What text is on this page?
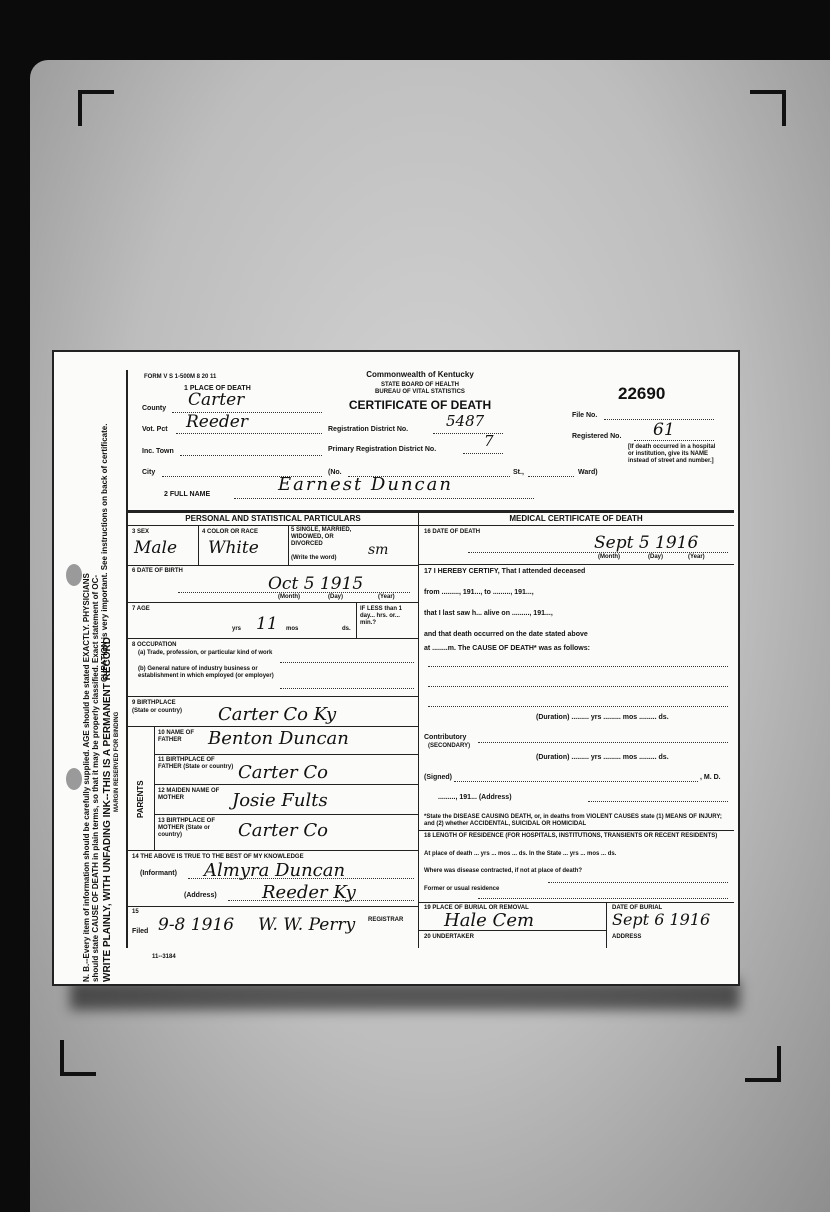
WRITE PLAINLY, WITH UNFADING INK--THIS IS A PERMANENT RECORD
N. B.--Every item of information should be carefully supplied. AGE should be stated EXACTLY. PHYSICIANS should state CAUSE OF DEATH in plain terms, so that it may be properly classified. Exact statement of OC-
CUPATION is very important. See instructions on back of certificate.
MARGIN RESERVED FOR BINDING
FORM V S 1-500M 8 20 11	Commonwealth of Kentucky
STATE BOARD OF HEALTH
BUREAU OF VITAL STATISTICS
CERTIFICATE OF DEATH
22690
1 PLACE OF DEATH
County Carter
Vot. Pct Reeder	Registration District No.	5487	File No.
Registered No. 61
Inc. Town	Primary Registration District No.	7	[If death occurred in a hospital or institution, give its NAME instead of street and number.]
City	(No.	St.,	Ward)
2 FULL NAME	Earnest Duncan
PERSONAL AND STATISTICAL PARTICULARS
3 SEX
Male
4 COLOR OR RACE
White
5 SINGLE, MARRIED, WIDOWED, OR DIVORCED
(Write the word) sm
6 DATE OF BIRTH
Oct 5 1915
(Month)	(Day)	(Year)
7 AGE
11
yrs	mos	ds.
IF LESS than 1 day... hrs. or... min.?
8 OCCUPATION
(a) Trade, profession, or particular kind of work
(b) General nature of industry business or establishment in which employed (or employer)
9 BIRTHPLACE
(State or country) Carter Co Ky
PARENTS
10 NAME OF FATHER	Benton Duncan
11 BIRTHPLACE OF FATHER (State or country) Carter Co
12 MAIDEN NAME OF MOTHER	Josie Fults
13 BIRTHPLACE OF MOTHER (State or country)	Carter Co
14 THE ABOVE IS TRUE TO THE BEST OF MY KNOWLEDGE
(Informant) Almyra Duncan
(Address)	Reeder Ky
15
Filed 9-8 1916 W. W. Perry REGISTRAR
11--3184
MEDICAL CERTIFICATE OF DEATH
16 DATE OF DEATH
Sept 5 1916
(Month)	(Day)	(Year)
17 I HEREBY CERTIFY, That I attended deceased
from ........., 191..., to ........., 191...,
that I last saw h... alive on ........., 191...,
and that death occurred on the date stated above
at ........m. The CAUSE OF DEATH* was as follows:
(Duration) ......... yrs ......... mos ......... ds.
Contributory
(SECONDARY)
(Duration) ......... yrs ......... mos ......... ds.
(Signed)	, M. D.
........., 191... (Address)
*State the DISEASE CAUSING DEATH, or, in deaths from VIOLENT CAUSES state (1) MEANS OF INJURY; and (2) whether ACCIDENTAL, SUICIDAL OR HOMICIDAL
18 LENGTH OF RESIDENCE (FOR HOSPITALS, INSTITUTIONS, TRANSIENTS OR RECENT RESIDENTS)
At place of death ... yrs ... mos ... ds. In the State ... yrs ... mos ... ds.
Where was disease contracted, if not at place of death?
Former or usual residence
19 PLACE OF BURIAL OR REMOVAL
Hale Cem
DATE OF BURIAL
Sept 6 1916
20 UNDERTAKER	ADDRESS
